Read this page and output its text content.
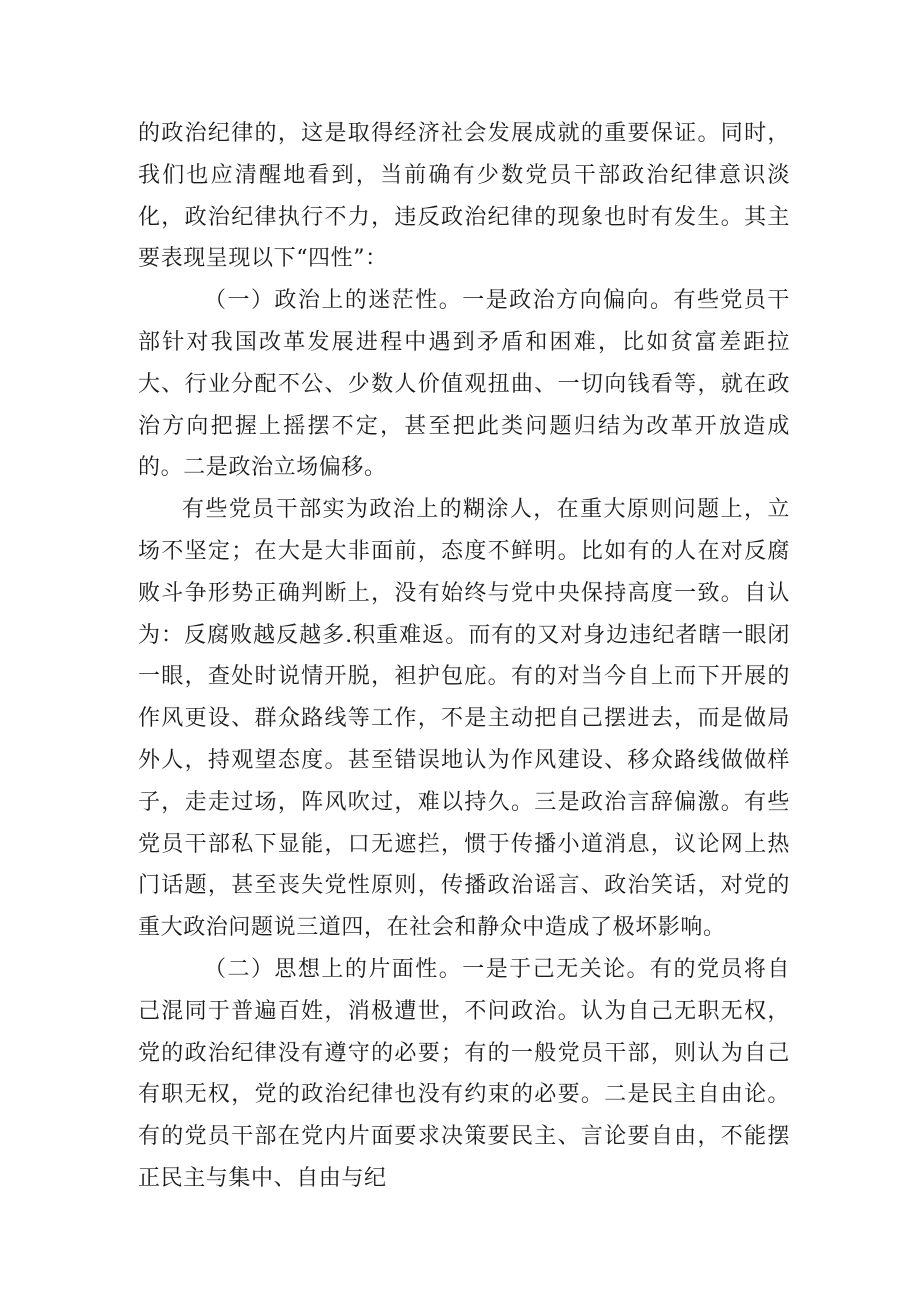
的政治纪律的，这是取得经济社会发展成就的重要保证。同时，我们也应清醒地看到，当前确有少数党员干部政治纪律意识淡化，政治纪律执行不力，违反政治纪律的现象也时有发生。其主要表现呈现以下“四性”：

（一）政治上的迷茫性。一是政治方向偏向。有些党员干部针对我国改革发展进程中遇到矛盾和困难，比如贫富差距拉大、行业分配不公、少数人价值观扭曲、一切向钱看等，就在政治方向把握上摇摆不定，甚至把此类问题归结为改革开放造成的。二是政治立场偏移。

有些党员干部实为政治上的糊涂人，在重大原则问题上，立场不坚定；在大是大非面前，态度不鲜明。比如有的人在对反腐败斗争形势正确判断上，没有始终与党中央保持高度一致。自认为：反腐败越反越多.积重难返。而有的又对身边违纪者瞎一眼闭一眼，查处时说情开脱，袒护包庇。有的对当今自上而下开展的作风更设、群众路线等工作，不是主动把自己摆进去，而是做局外人，持观望态度。甚至错误地认为作风建设、移众路线做做样子，走走过场，阵风吹过，难以持久。三是政治言辞偏激。有些党员干部私下显能，口无遮拦，惯于传播小道消息，议论网上热门话题，甚至丧失党性原则，传播政治谣言、政治笑话，对党的重大政治问题说三道四，在社会和静众中造成了极坏影响。

（二）思想上的片面性。一是于己无关论。有的党员将自己混同于普遍百姓，消极遭世，不问政治。认为自己无职无权，党的政治纪律没有遵守的必要；有的一般党员干部，则认为自己有职无权，党的政治纪律也没有约束的必要。二是民主自由论。有的党员干部在党内片面要求决策要民主、言论要自由，不能摆正民主与集中、自由与纪
